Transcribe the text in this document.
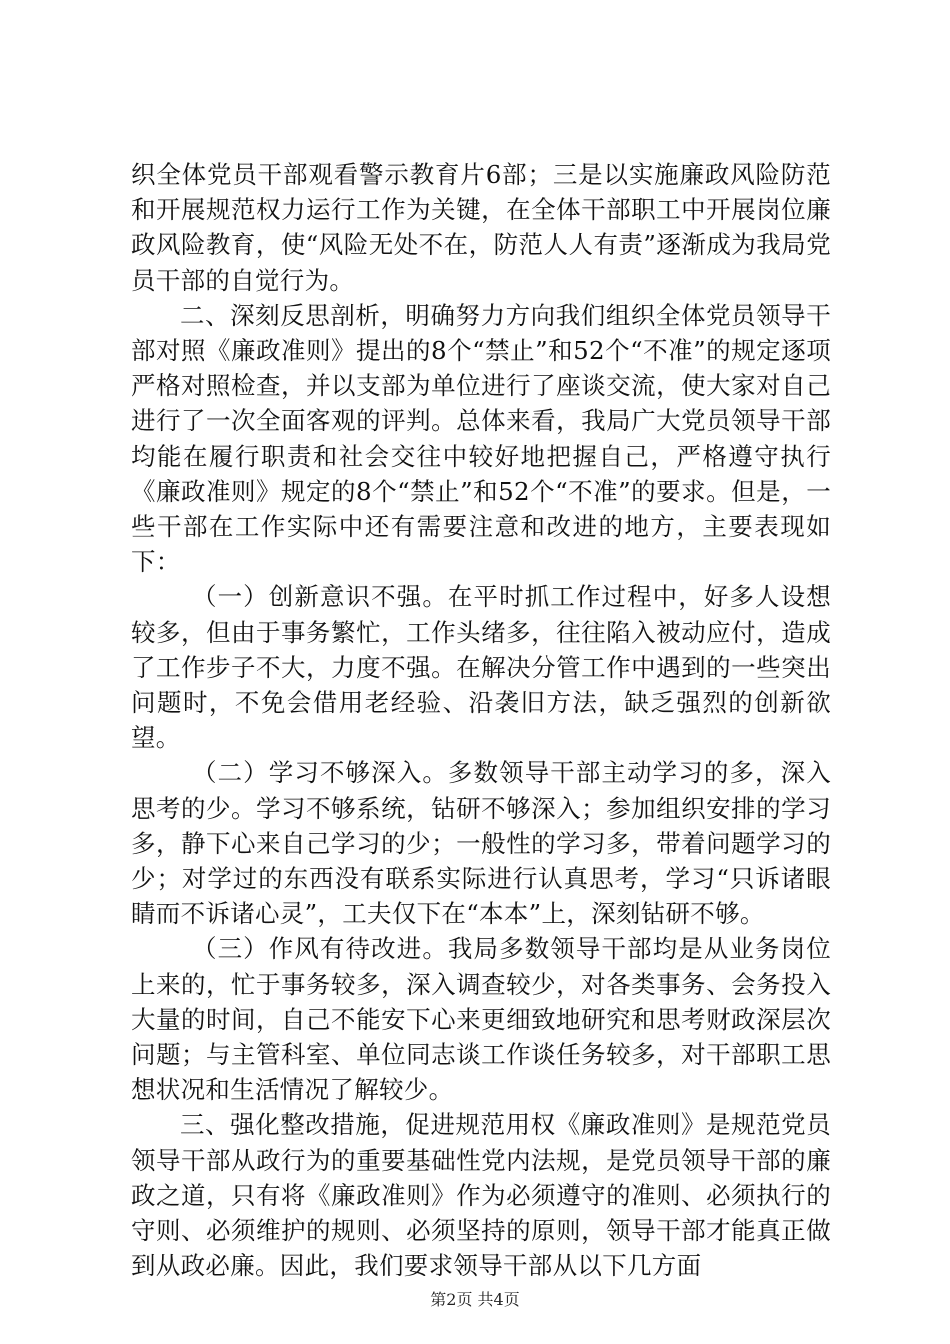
织全体党员干部观看警示教育片6部；三是以实施廉政风险防范和开展规范权力运行工作为关键，在全体干部职工中开展岗位廉政风险教育，使“风险无处不在，防范人人有责”逐渐成为我局党员干部的自觉行为。

二、深刻反思剖析，明确努力方向我们组织全体党员领导干部对照《廉政准则》提出的8个“禁止”和52个“不准”的规定逐项严格对照检查，并以支部为单位进行了座谈交流，使大家对自己进行了一次全面客观的评判。总体来看，我局广大党员领导干部均能在履行职责和社会交往中较好地把握自己，严格遵守执行《廉政准则》规定的8个“禁止”和52个“不准”的要求。但是，一些干部在工作实际中还有需要注意和改进的地方，主要表现如下：

（一）创新意识不强。在平时抓工作过程中，好多人设想较多，但由于事务繁忙，工作头绪多，往往陷入被动应付，造成了工作步子不大，力度不强。在解决分管工作中遇到的一些突出问题时，不免会借用老经验、沿袭旧方法，缺乏强烈的创新欲望。

（二）学习不够深入。多数领导干部主动学习的多，深入思考的少。学习不够系统，钻研不够深入；参加组织安排的学习多，静下心来自己学习的少；一般性的学习多，带着问题学习的少；对学过的东西没有联系实际进行认真思考，学习“只诉诸眼睛而不诉诸心灵”，工夫仅下在“本本”上，深刻钻研不够。

（三）作风有待改进。我局多数领导干部均是从业务岗位上来的，忙于事务较多，深入调查较少，对各类事务、会务投入大量的时间，自己不能安下心来更细致地研究和思考财政深层次问题；与主管科室、单位同志谈工作谈任务较多，对干部职工思想状况和生活情况了解较少。

三、强化整改措施，促进规范用权《廉政准则》是规范党员领导干部从政行为的重要基础性党内法规，是党员领导干部的廉政之道，只有将《廉政准则》作为必须遵守的准则、必须执行的守则、必须维护的规则、必须坚持的原则，领导干部才能真正做到从政必廉。因此，我们要求领导干部从以下几方面

第2页 共4页
